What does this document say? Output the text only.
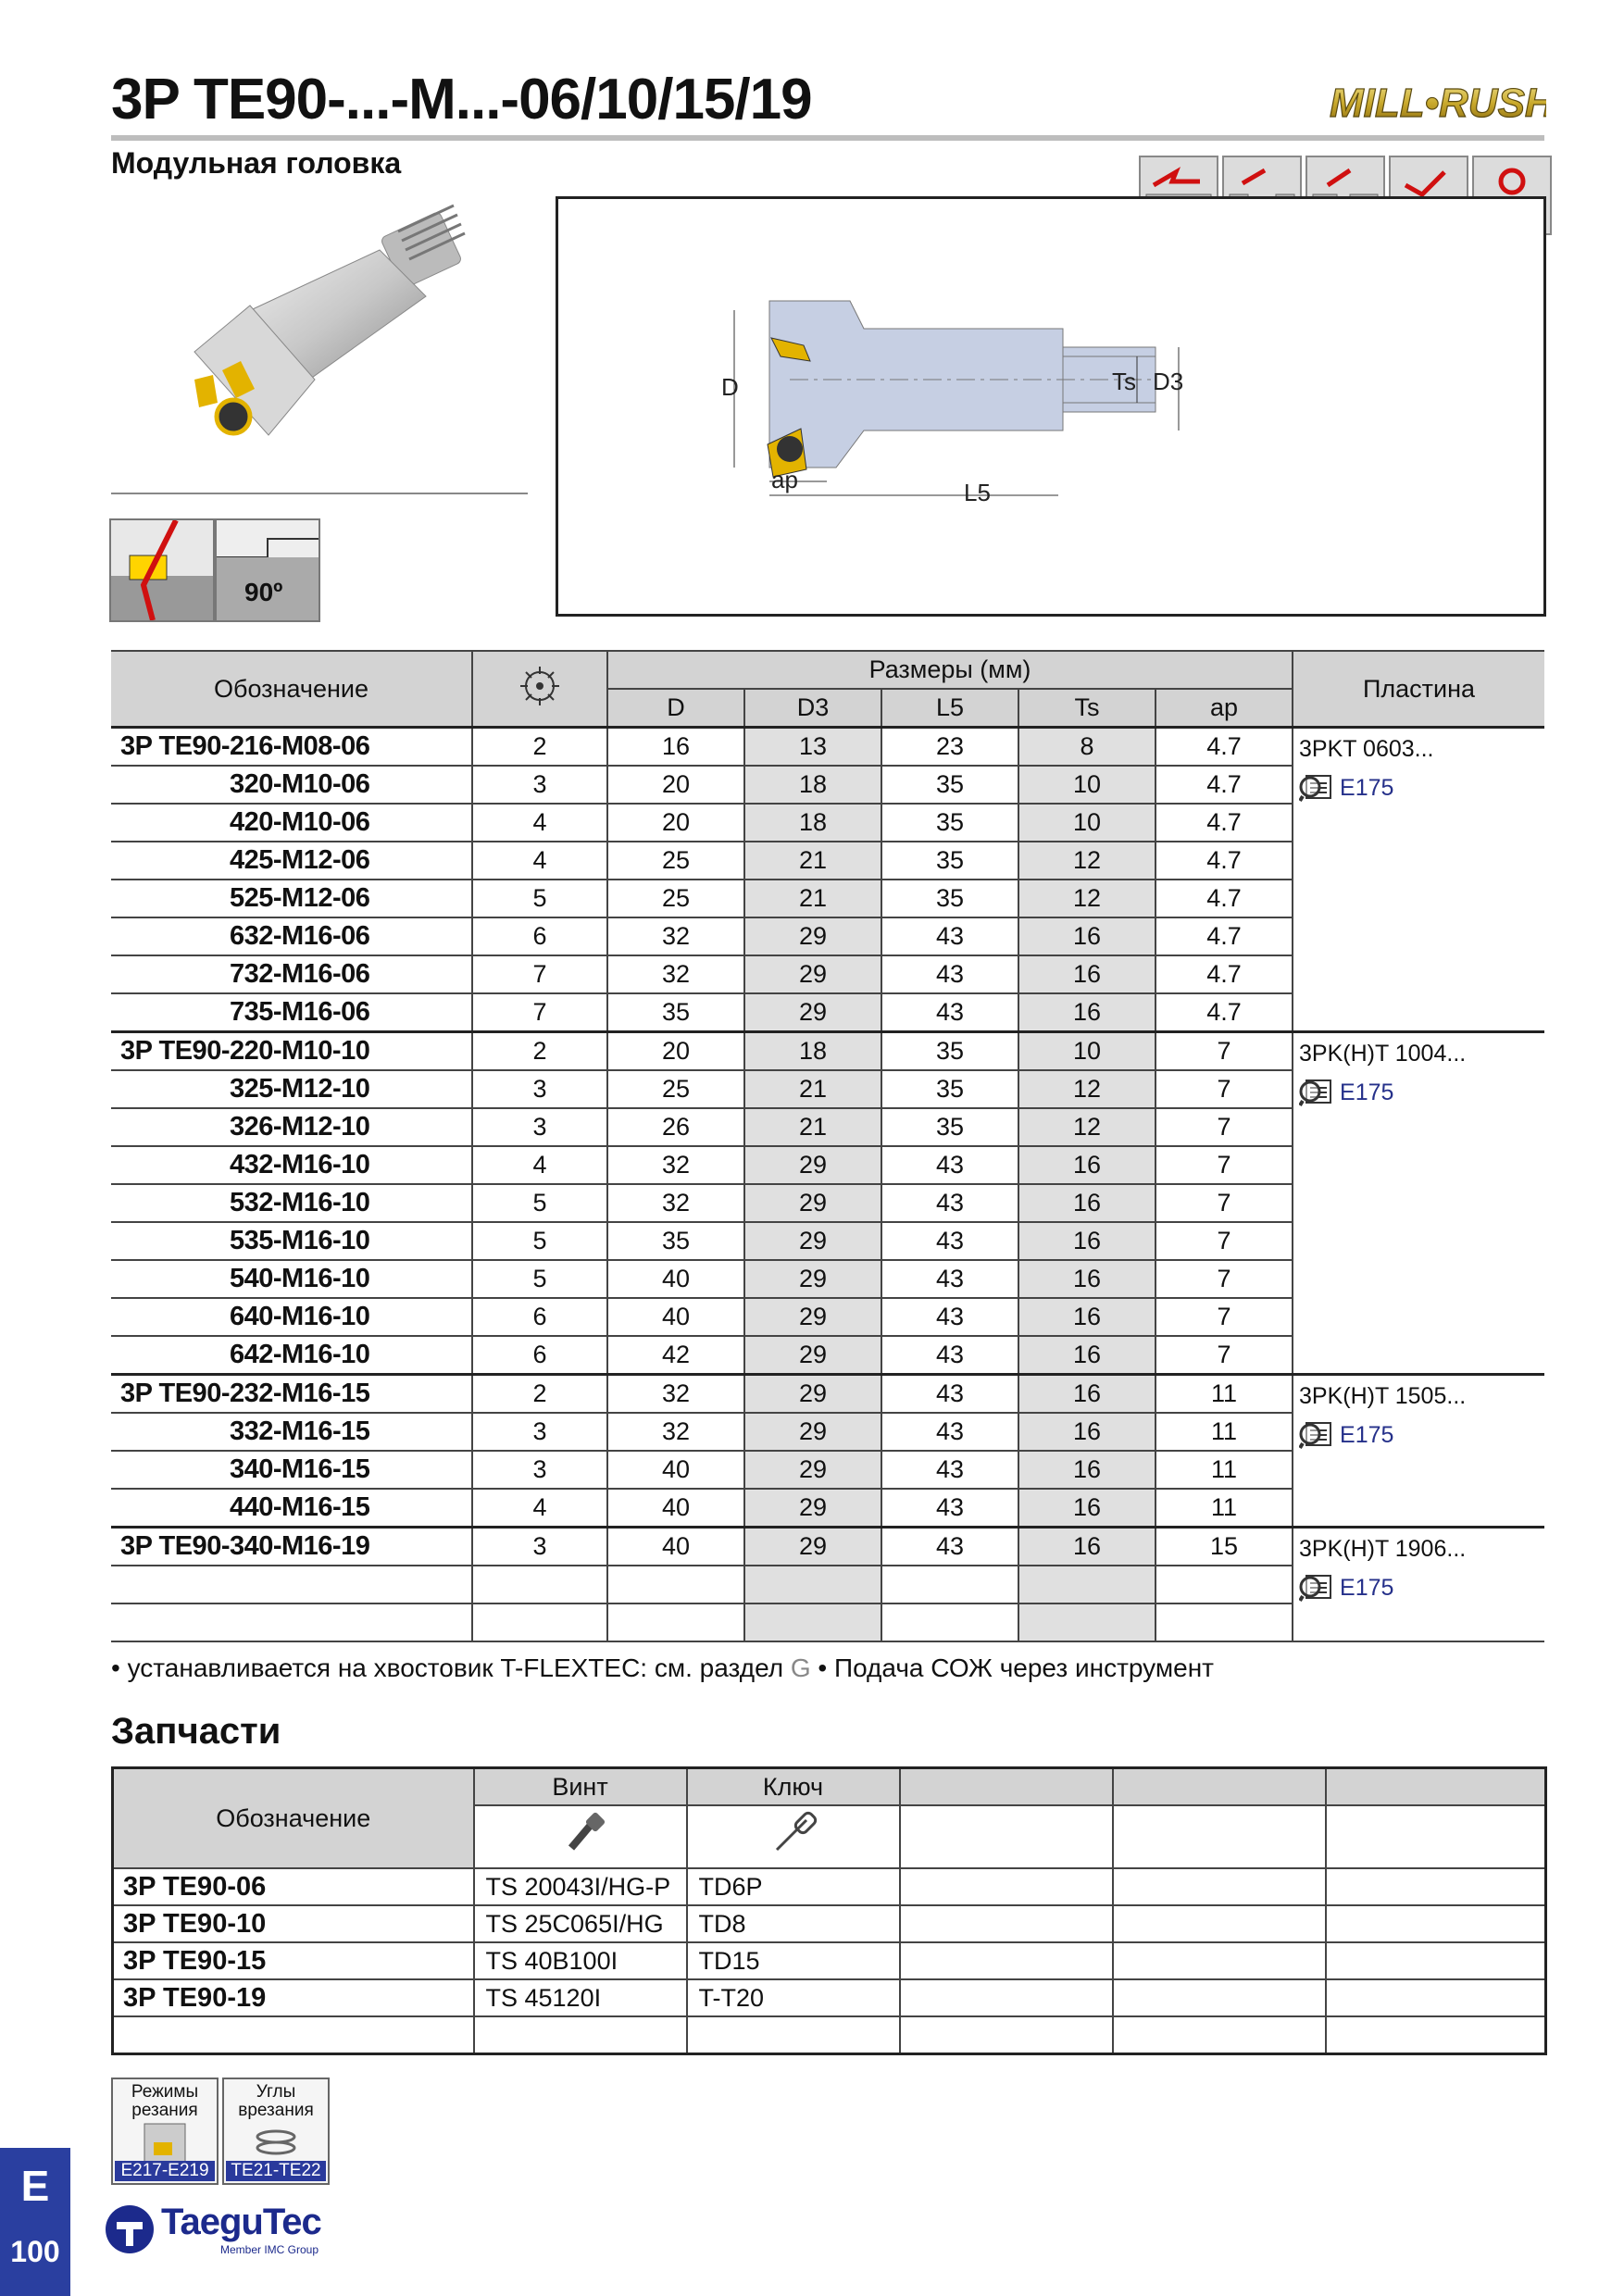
3P TE90-...-M...-06/10/15/19	MILL•RUSH
Модульная головка
90º
D	Ts D3
ap	L5
Обозначение		Размеры (мм)					Пластина
		D	D3	L5	Ts	ap	
3P TE90-216-M08-06	2	16	13	23	8	4.7	3PKT 0603...
E175

320-M10-06	3	20	18	35	10	4.7	
420-M10-06	4	20	18	35	10	4.7	
425-M12-06	4	25	21	35	12	4.7	
525-M12-06	5	25	21	35	12	4.7	
632-M16-06	6	32	29	43	16	4.7	
732-M16-06	7	32	29	43	16	4.7	
735-M16-06	7	35	29	43	16	4.7	
3P TE90-220-M10-10	2	20	18	35	10	7	3PK(H)T 1004...
E175

325-M12-10	3	25	21	35	12	7	
326-M12-10	3	26	21	35	12	7	
432-M16-10	4	32	29	43	16	7	
532-M16-10	5	32	29	43	16	7	
535-M16-10	5	35	29	43	16	7	
540-M16-10	5	40	29	43	16	7	
640-M16-10	6	40	29	43	16	7	
642-M16-10	6	42	29	43	16	7	
3P TE90-232-M16-15	2	32	29	43	16	11	3PK(H)T 1505...
E175

332-M16-15	3	32	29	43	16	11	
340-M16-15	3	40	29	43	16	11	
440-M16-15	4	40	29	43	16	11	
3P TE90-340-M16-19	3	40	29	43	16	15	3PK(H)T 1906...
E175

• устанавливается на хвостовик T-FLEXTEC: см. раздел G • Подача СОЖ через инструмент
Запчасти
Обозначение	Винт	Ключ			

3P TE90-06	TS 20043I/HG-P	TD6P			
3P TE90-10	TS 25C065I/HG	TD8			
3P TE90-15	TS 40B100I	TD15			
3P TE90-19	TS 45120I	T-T20			

Режимы резания
E217-E219
Углы врезания
TE21-TE22
E
100
TaeguTec
Member IMC Group
